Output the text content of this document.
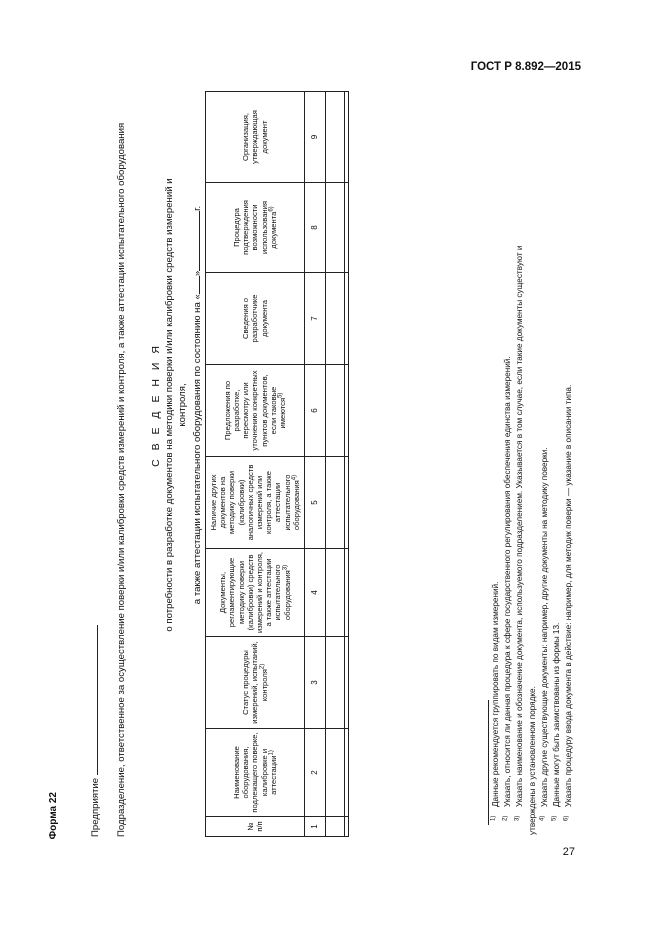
ГОСТ Р 8.892—2015
27
Форма 22	Предприятие Подразделение, ответственное за осуществление поверки и/или калибровки средств измерений и контроля, а также аттестации испытательного оборудования С В Е Д Е Н И Я о потребности в разработке документов на методики поверки и/или калибровки средств измерений и контроля, а также аттестации испытательного оборудования по состоянию на «»г.
№ п/п	Наименование оборудования, подлежащего поверке, калибровке и аттестации$^{1)}$	Статус процедуры измерений, испытаний, контроля$^{2)}$	Документы, регламентирующие методику поверки (калибровки) средств измерений и контроля, а также аттестации испытательного оборудования$^{3)}$	Наличие других документов на методику поверки (калибровки) аналогичных средств измерений или контроля, а также аттестации испытательного оборудования$^{4)}$	Предложения по разработке, пересмотру или уточнению конкретных пунктов документов, если таковые имеются$^{5)}$	Сведения о разработчике документа	Процедура подтверждения возможности использования документа$^{6)}$	Организация, утверждающая документ
1	2	3	4	5	6	7	8	9

$^{1)}$Данные рекомендуется группировать по видам измерений.
$^{2)}$Указать, относится ли данная процедура к сфере государственного регулирования обеспечения единства измерений.
$^{3)}$Указать наименование и обозначение документа, используемого подразделением. Указывается в том случае, если такие документы существуют и утверждены в установленном порядке. $^{4)}$Указать другие существующие документы: например, другие документы на методику поверки.
$^{5)}$Данные могут быть заимствованы из формы 13.
$^{6)}$Указать процедуру ввода документа в действие: например, для методик поверки — указание в описании типа.
